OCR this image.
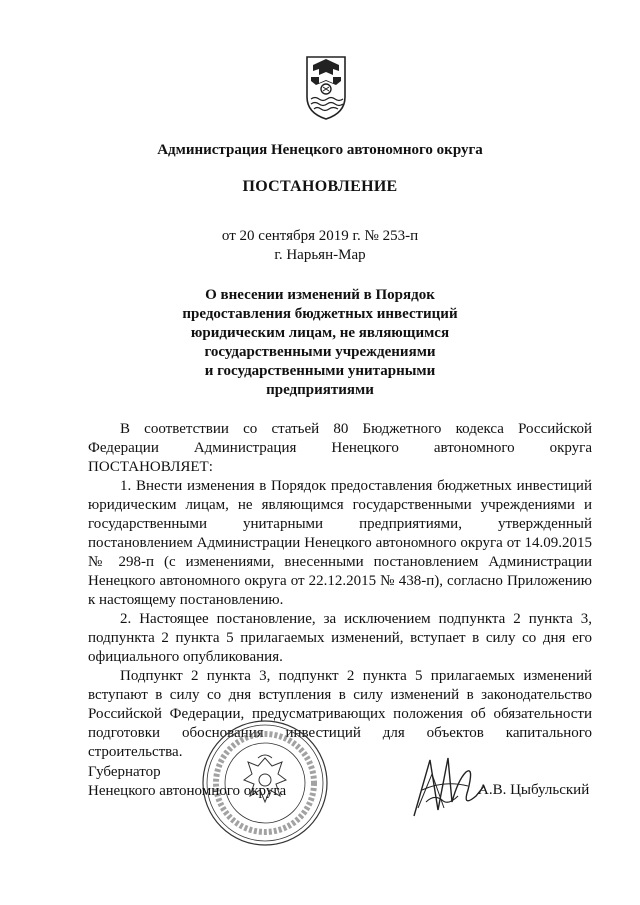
Администрация Ненецкого автономного округа
ПОСТАНОВЛЕНИЕ
от 20 сентября 2019 г. № 253-п
г. Нарьян-Мар
О внесении изменений в Порядок
предоставления бюджетных инвестиций
юридическим лицам, не являющимся
государственными учреждениями
и государственными унитарными
предприятиями

В соответствии со статьей 80 Бюджетного кодекса Российской Федерации Администрация Ненецкого автономного округа ПОСТАНОВЛЯЕТ:

1. Внести изменения в Порядок предоставления бюджетных инвестиций юридическим лицам, не являющимся государственными учреждениями и государственными унитарными предприятиями, утвержденный постановлением Администрации Ненецкого автономного округа от 14.09.2015 № 298-п (с изменениями, внесенными постановлением Администрации Ненецкого автономного округа от 22.12.2015 № 438-п), согласно Приложению к настоящему постановлению.

2. Настоящее постановление, за исключением подпункта 2 пункта 3, подпункта 2 пункта 5 прилагаемых изменений, вступает в силу со дня его официального опубликования.

Подпункт 2 пункта 3, подпункт 2 пункта 5 прилагаемых изменений вступают в силу со дня вступления в силу изменений в законодательство Российской Федерации, предусматривающих положения об обязательности подготовки обоснования инвестиций для объектов капитального строительства.

Губернатор
Ненецкого автономного округа	А.В. Цыбульский
